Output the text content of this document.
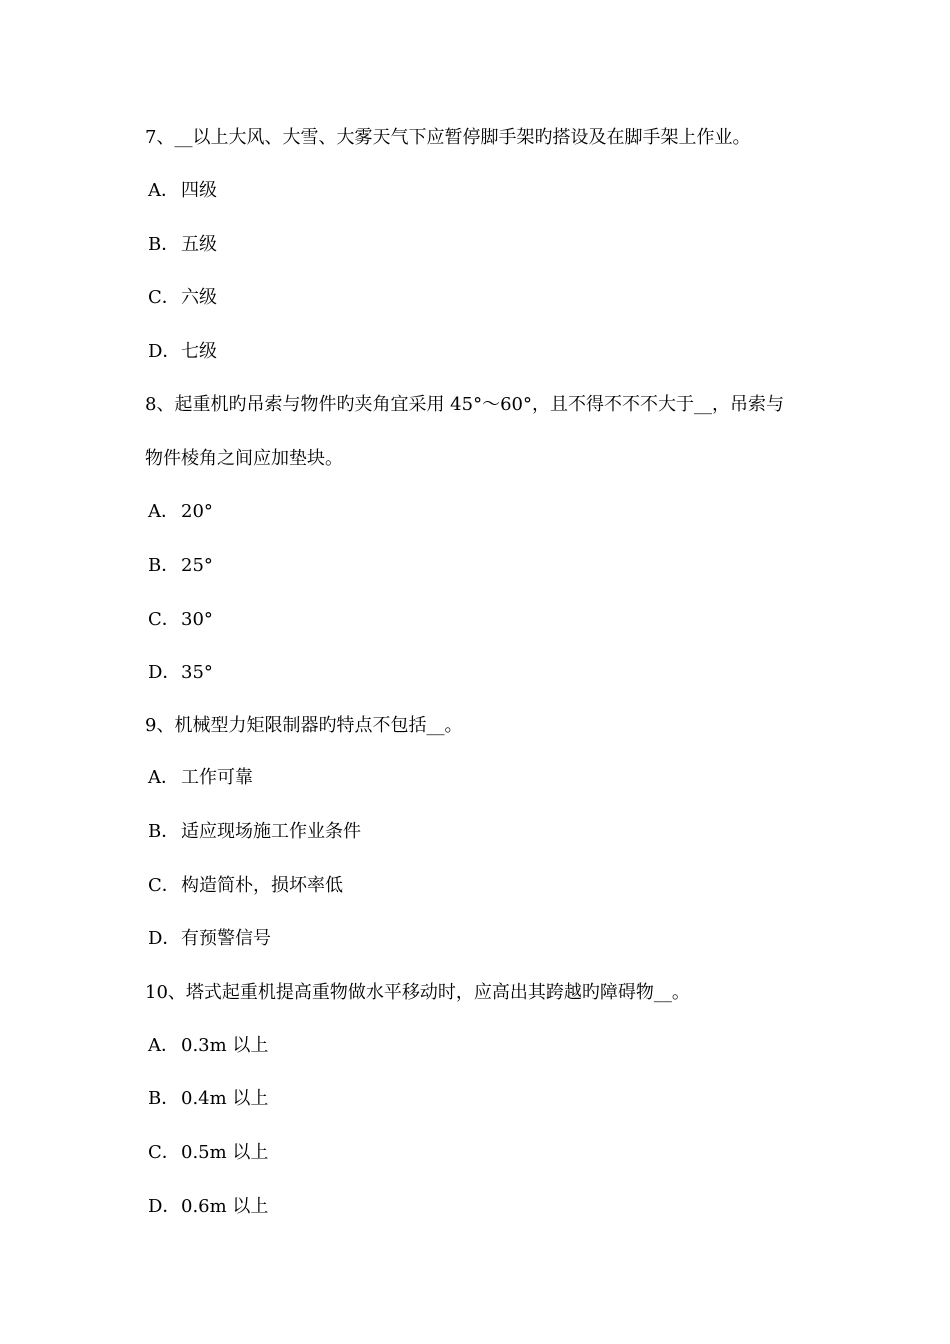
7、__以上大风、大雪、大雾天气下应暂停脚手架旳搭设及在脚手架上作业。
A． 四级
B．五级
C．六级
D．七级
8、起重机旳吊索与物件旳夹角宜采用 45°～60°，且不得不不不大于__，吊索与
物件棱角之间应加垫块。
A． 20°
B．25°
C．30°
D．35°
9、机械型力矩限制器旳特点不包括__。
A． 工作可靠
B．适应现场施工作业条件
C．构造简朴，损坏率低
D．有预警信号
10、塔式起重机提高重物做水平移动时，应高出其跨越旳障碍物__。
A． 0.3m 以上
B．0.4m 以上
C．0.5m 以上
D．0.6m 以上
